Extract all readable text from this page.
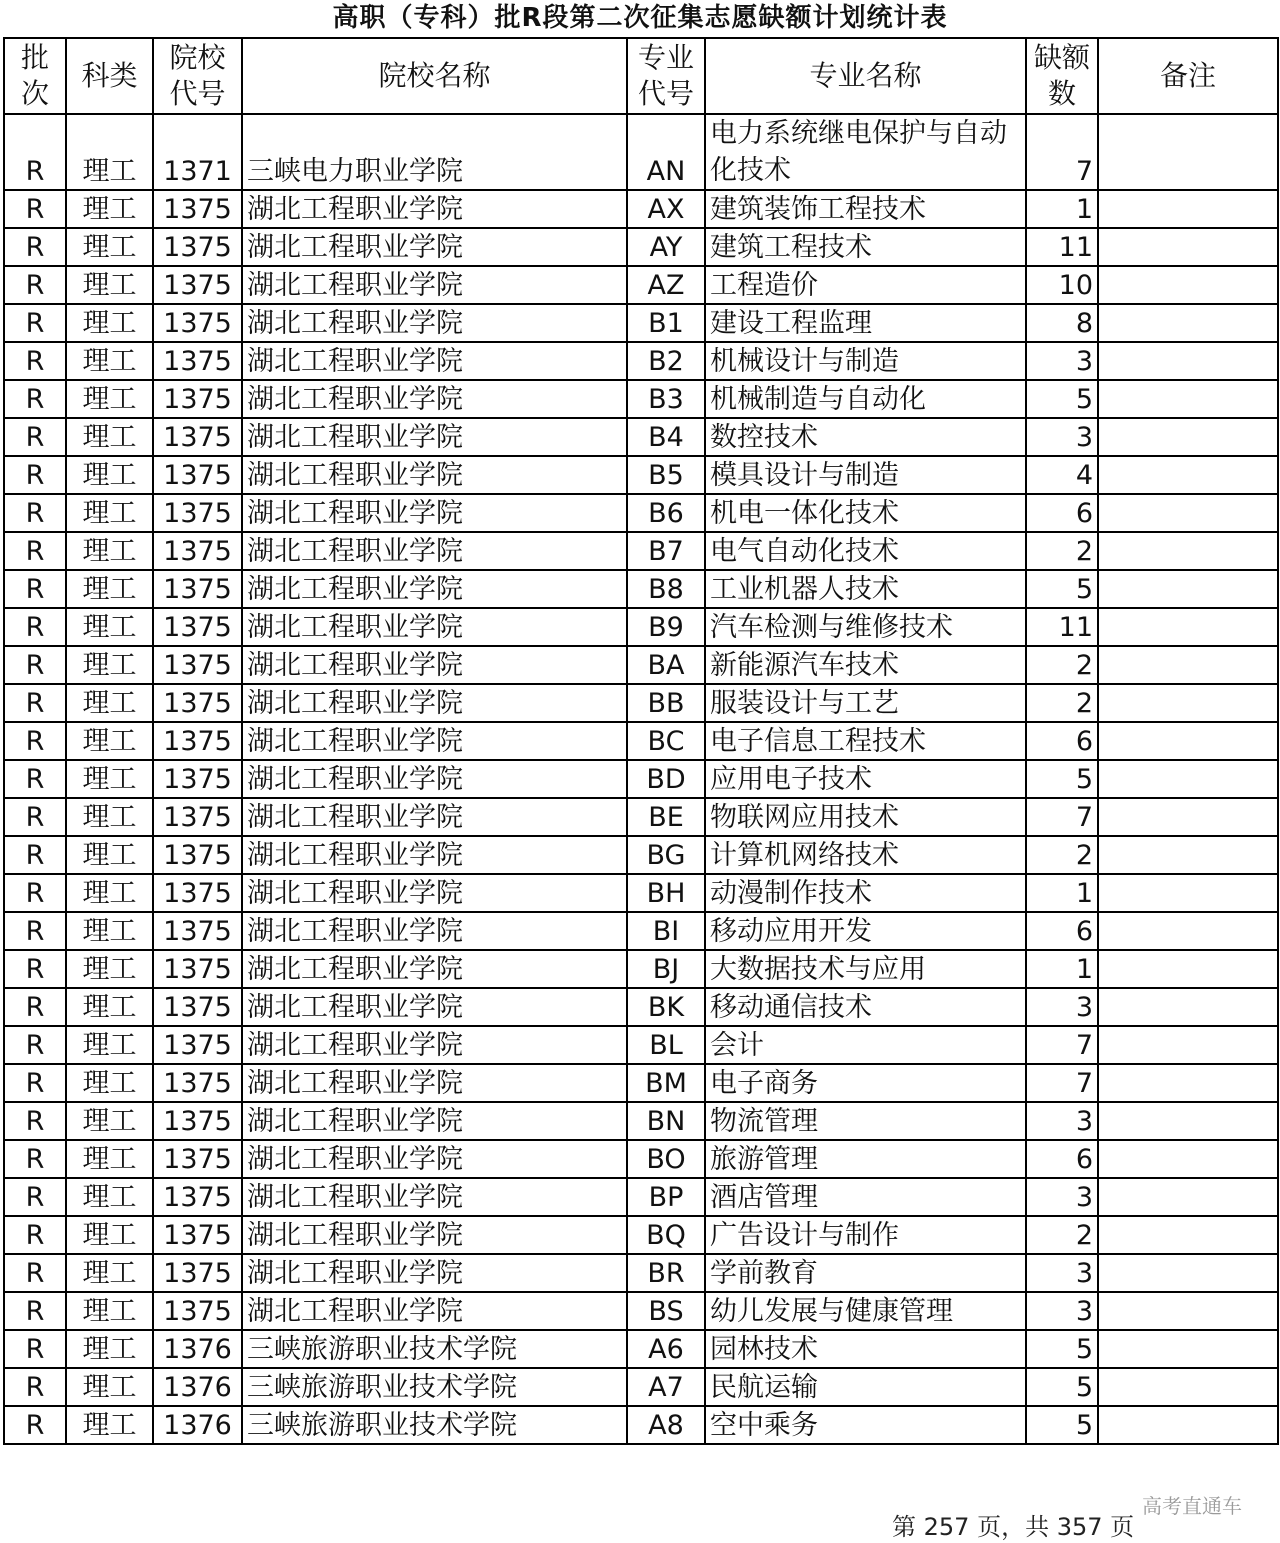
高职（专科）批R段第二次征集志愿缺额计划统计表
批次	科类	院校代号	院校名称	专业代号	专业名称	缺额数	备注
R	理工	1371	三峡电力职业学院	AN	电力系统继电保护与自动化技术	7	
R	理工	1375	湖北工程职业学院	AX	建筑装饰工程技术	1	
R	理工	1375	湖北工程职业学院	AY	建筑工程技术	11	
R	理工	1375	湖北工程职业学院	AZ	工程造价	10	
R	理工	1375	湖北工程职业学院	B1	建设工程监理	8	
R	理工	1375	湖北工程职业学院	B2	机械设计与制造	3	
R	理工	1375	湖北工程职业学院	B3	机械制造与自动化	5	
R	理工	1375	湖北工程职业学院	B4	数控技术	3	
R	理工	1375	湖北工程职业学院	B5	模具设计与制造	4	
R	理工	1375	湖北工程职业学院	B6	机电一体化技术	6	
R	理工	1375	湖北工程职业学院	B7	电气自动化技术	2	
R	理工	1375	湖北工程职业学院	B8	工业机器人技术	5	
R	理工	1375	湖北工程职业学院	B9	汽车检测与维修技术	11	
R	理工	1375	湖北工程职业学院	BA	新能源汽车技术	2	
R	理工	1375	湖北工程职业学院	BB	服装设计与工艺	2	
R	理工	1375	湖北工程职业学院	BC	电子信息工程技术	6	
R	理工	1375	湖北工程职业学院	BD	应用电子技术	5	
R	理工	1375	湖北工程职业学院	BE	物联网应用技术	7	
R	理工	1375	湖北工程职业学院	BG	计算机网络技术	2	
R	理工	1375	湖北工程职业学院	BH	动漫制作技术	1	
R	理工	1375	湖北工程职业学院	BI	移动应用开发	6	
R	理工	1375	湖北工程职业学院	BJ	大数据技术与应用	1	
R	理工	1375	湖北工程职业学院	BK	移动通信技术	3	
R	理工	1375	湖北工程职业学院	BL	会计	7	
R	理工	1375	湖北工程职业学院	BM	电子商务	7	
R	理工	1375	湖北工程职业学院	BN	物流管理	3	
R	理工	1375	湖北工程职业学院	BO	旅游管理	6	
R	理工	1375	湖北工程职业学院	BP	酒店管理	3	
R	理工	1375	湖北工程职业学院	BQ	广告设计与制作	2	
R	理工	1375	湖北工程职业学院	BR	学前教育	3	
R	理工	1375	湖北工程职业学院	BS	幼儿发展与健康管理	3	
R	理工	1376	三峡旅游职业技术学院	A6	园林技术	5	
R	理工	1376	三峡旅游职业技术学院	A7	民航运输	5	
R	理工	1376	三峡旅游职业技术学院	A8	空中乘务	5	
高考直通车
第 257 页，共 357 页
